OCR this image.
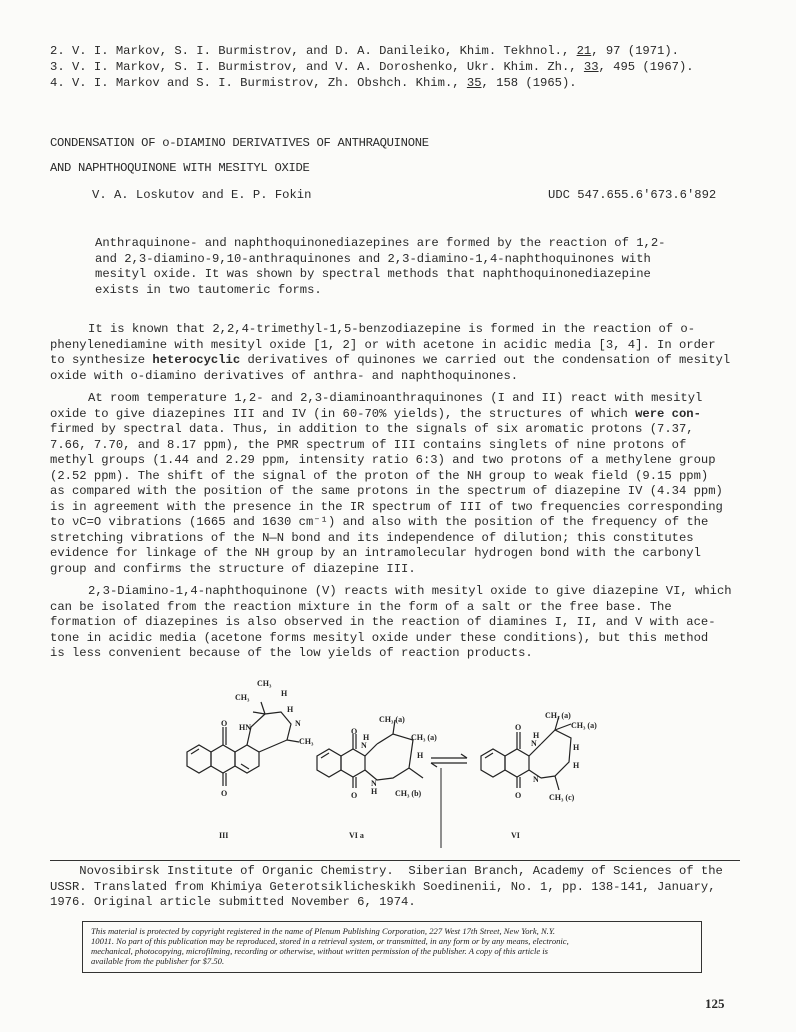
2. V. I. Markov, S. I. Burmistrov, and D. A. Danileiko, Khim. Tekhnol., 21, 97 (1971).
3. V. I. Markov, S. I. Burmistrov, and V. A. Doroshenko, Ukr. Khim. Zh., 33, 495 (1967).
4. V. I. Markov and S. I. Burmistrov, Zh. Obshch. Khim., 35, 158 (1965).
CONDENSATION OF o-DIAMINO DERIVATIVES OF ANTHRAQUINONE
AND NAPHTHOQUINONE WITH MESITYL OXIDE
V. A. Loskutov and E. P. Fokin	UDC 547.655.6'673.6'892
Anthraquinone- and naphthoquinonediazepines are formed by the reaction of 1,2-
and 2,3-diamino-9,10-anthraquinones and 2,3-diamino-1,4-naphthoquinones with
mesityl oxide. It was shown by spectral methods that naphthoquinonediazepine
exists in two tautomeric forms.
It is known that 2,2,4-trimethyl-1,5-benzodiazepine is formed in the reaction of o-
phenylenediamine with mesityl oxide [1, 2] or with acetone in acidic media [3, 4]. In order
to synthesize heterocyclic derivatives of quinones we carried out the condensation of mesityl
oxide with o-diamino derivatives of anthra- and naphthoquinones.
At room temperature 1,2- and 2,3-diaminoanthraquinones (I and II) react with mesityl
oxide to give diazepines III and IV (in 60-70% yields), the structures of which were con-
firmed by spectral data. Thus, in addition to the signals of six aromatic protons (7.37,
7.66, 7.70, and 8.17 ppm), the PMR spectrum of III contains singlets of nine protons of
methyl groups (1.44 and 2.29 ppm, intensity ratio 6:3) and two protons of a methylene group
(2.52 ppm). The shift of the signal of the proton of the NH group to weak field (9.15 ppm)
as compared with the position of the same protons in the spectrum of diazepine IV (4.34 ppm)
is in agreement with the presence in the IR spectrum of III of two frequencies corresponding
to νC=O vibrations (1665 and 1630 cm⁻¹) and also with the position of the frequency of the
stretching vibrations of the N—N bond and its independence of dilution; this constitutes
evidence for linkage of the NH group by an intramolecular hydrogen bond with the carbonyl
group and confirms the structure of diazepine III.
2,3-Diamino-1,4-naphthoquinone (V) reacts with mesityl oxide to give diazepine VI, which
can be isolated from the reaction mixture in the form of a salt or the free base. The
formation of diazepines is also observed in the reaction of diamines I, II, and V with ace-
tone in acidic media (acetone forms mesityl oxide under these conditions), but this method
is less convenient because of the low yields of reaction products.
O
O
HN
CH₃
CH₃	H
H
N
CH₃
III
O
O
CH₃ (a)
CH₃ (a)
H
N
H
N
H CH₃ (b)
VI a
O
O
CH₃ (a)
CH₃ (a)
H
N	H
H
N
CH₃ (c)
VI
Novosibirsk Institute of Organic Chemistry.  Siberian Branch, Academy of Sciences of the
USSR. Translated from Khimiya Geterotsiklicheskikh Soedinenii, No. 1, pp. 138-141, January,
1976. Original article submitted November 6, 1974.
This material is protected by copyright registered in the name of Plenum Publishing Corporation, 227 West 17th Street, New York, N.Y.
10011. No part of this publication may be reproduced, stored in a retrieval system, or transmitted, in any form or by any means, electronic,
mechanical, photocopying, microfilming, recording or otherwise, without written permission of the publisher. A copy of this article is
available from the publisher for $7.50.
125
